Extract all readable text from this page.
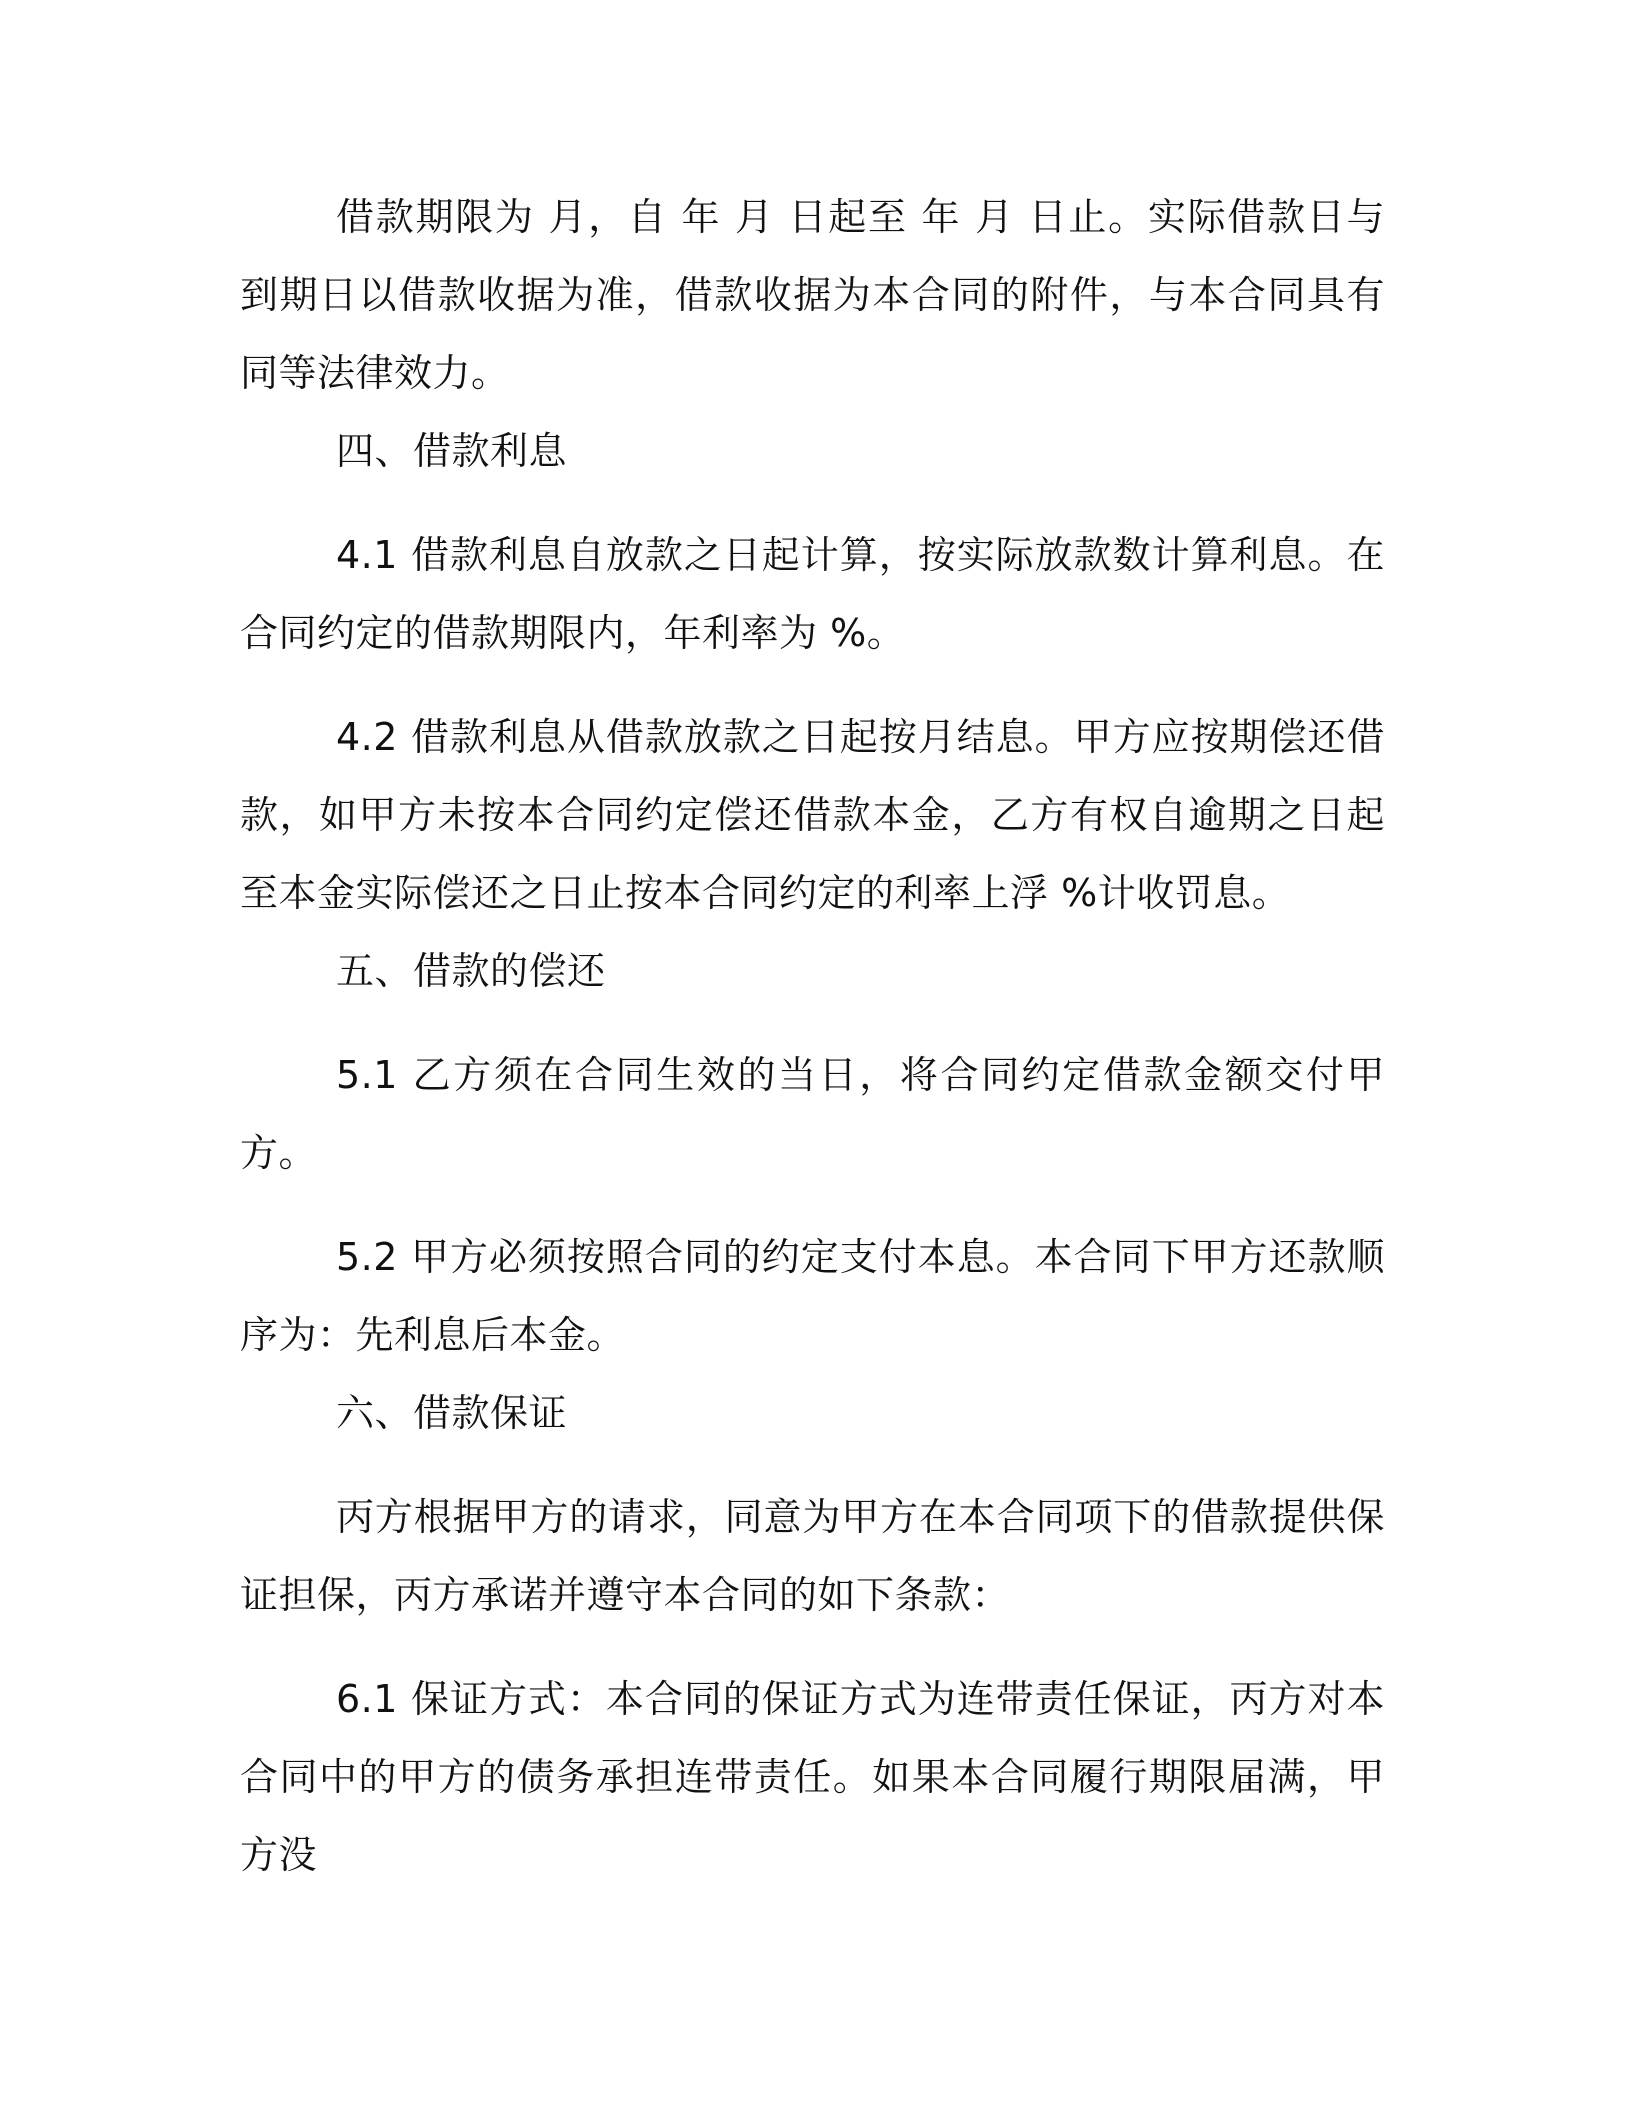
借款期限为 月，自 年 月 日起至 年 月 日止。实际借款日与到期日以借款收据为准，借款收据为本合同的附件，与本合同具有同等法律效力。

四、借款利息

4.1 借款利息自放款之日起计算，按实际放款数计算利息。在合同约定的借款期限内，年利率为 %。

4.2 借款利息从借款放款之日起按月结息。甲方应按期偿还借款，如甲方未按本合同约定偿还借款本金，乙方有权自逾期之日起至本金实际偿还之日止按本合同约定的利率上浮 %计收罚息。

五、借款的偿还

5.1 乙方须在合同生效的当日，将合同约定借款金额交付甲方。

5.2 甲方必须按照合同的约定支付本息。本合同下甲方还款顺序为：先利息后本金。

六、借款保证

丙方根据甲方的请求，同意为甲方在本合同项下的借款提供保证担保，丙方承诺并遵守本合同的如下条款：

6.1 保证方式：本合同的保证方式为连带责任保证，丙方对本合同中的甲方的债务承担连带责任。如果本合同履行期限届满，甲方没
